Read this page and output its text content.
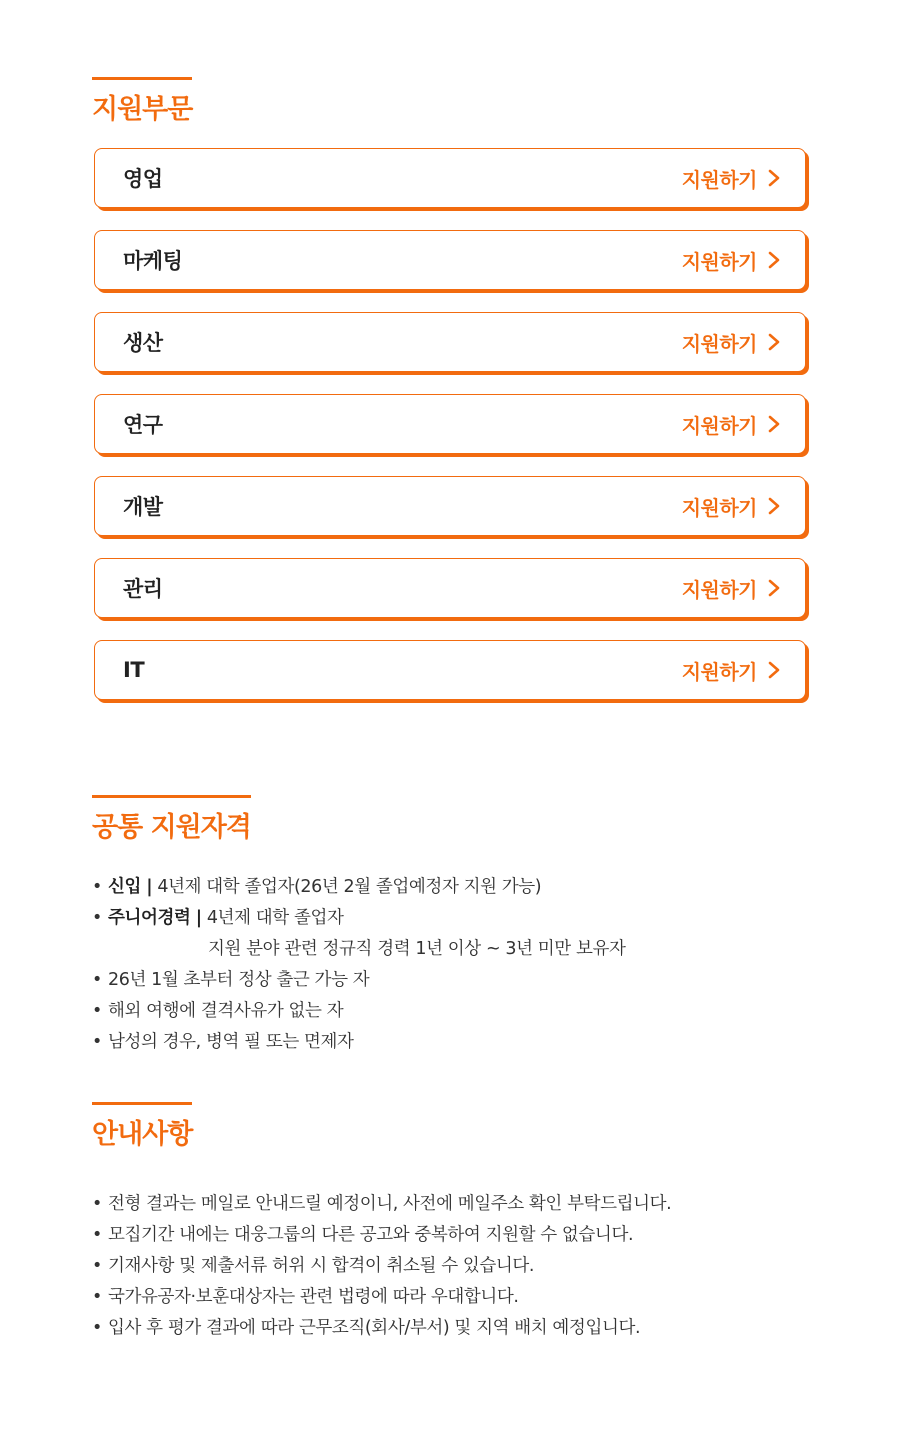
지원부문
영업	지원하기
마케팅	지원하기
생산	지원하기
연구	지원하기
개발	지원하기
관리	지원하기
IT	지원하기
공통 지원자격
• 신입 | 4년제 대학 졸업자(26년 2월 졸업예정자 지원 가능)
• 주니어경력 | 4년제 대학 졸업자
지원 분야 관련 정규직 경력 1년 이상 ~ 3년 미만 보유자
• 26년 1월 초부터 정상 출근 가능 자
• 해외 여행에 결격사유가 없는 자
• 남성의 경우, 병역 필 또는 면제자
안내사항
• 전형 결과는 메일로 안내드릴 예정이니, 사전에 메일주소 확인 부탁드립니다.
• 모집기간 내에는 대웅그룹의 다른 공고와 중복하여 지원할 수 없습니다.
• 기재사항 및 제출서류 허위 시 합격이 취소될 수 있습니다.
• 국가유공자·보훈대상자는 관련 법령에 따라 우대합니다.
• 입사 후 평가 결과에 따라 근무조직(회사/부서) 및 지역 배치 예정입니다.
